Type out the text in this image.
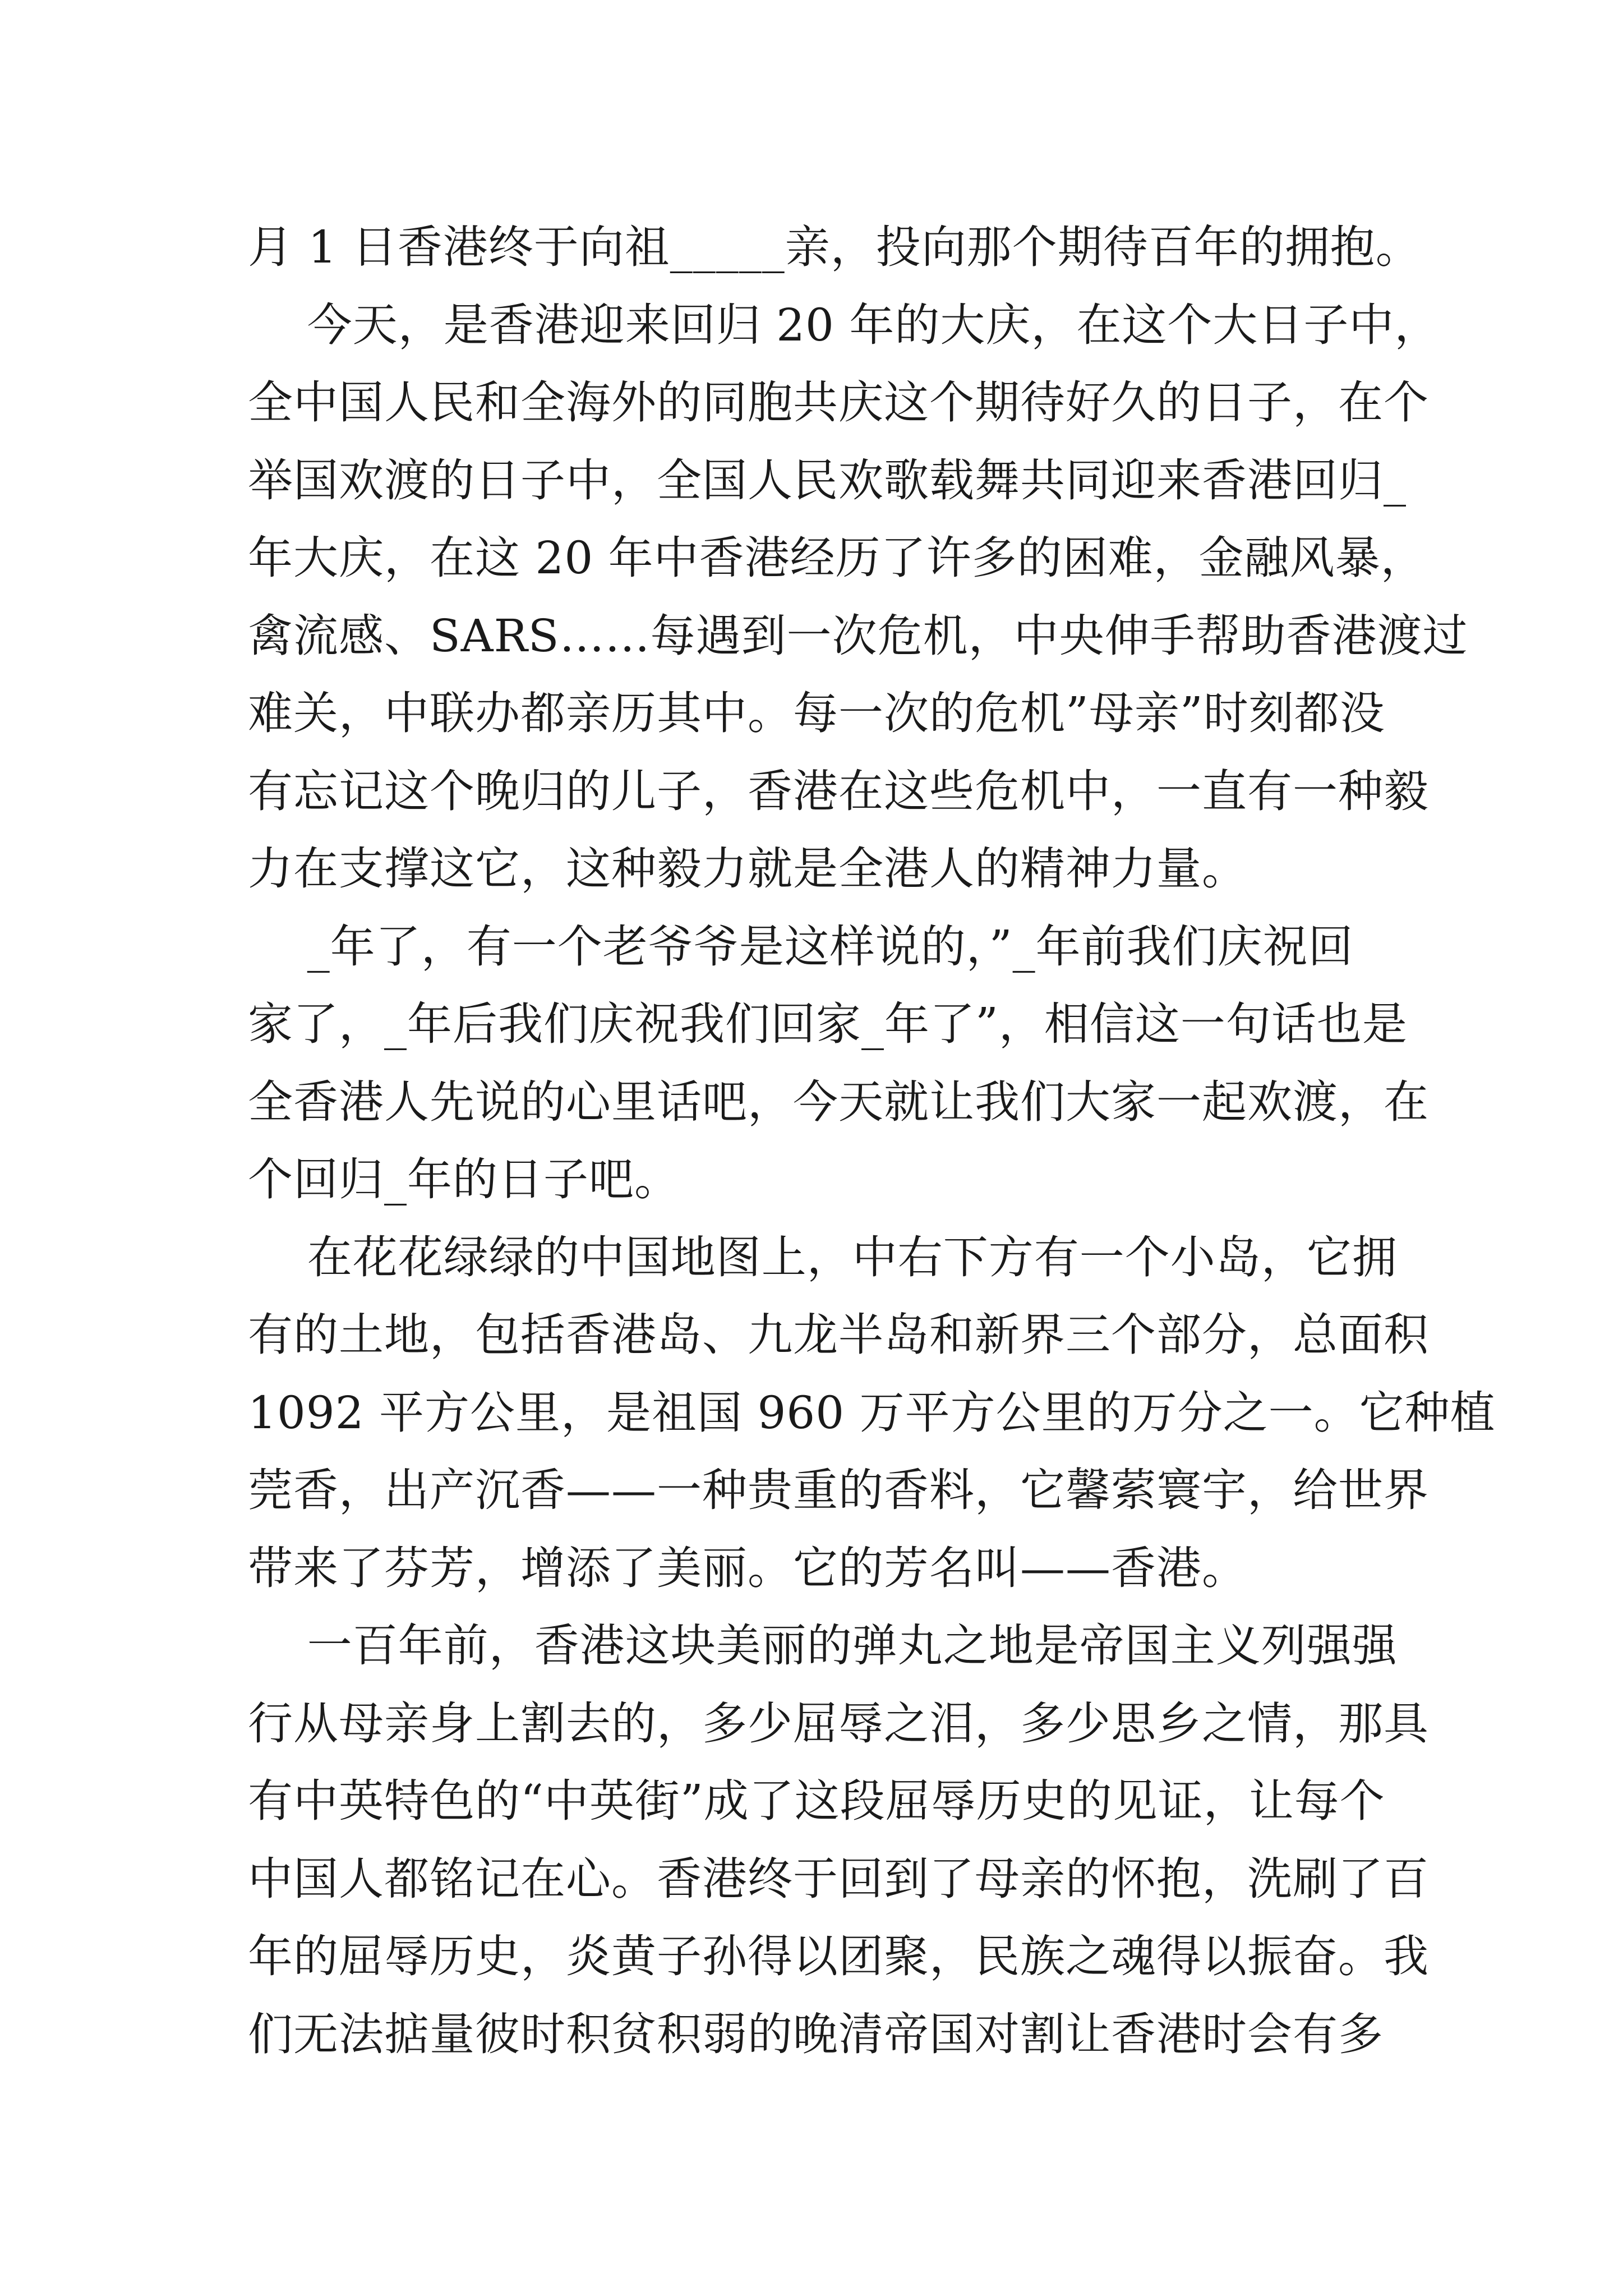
月 1 日香港终于向祖_____亲，投向那个期待百年的拥抱。
今天，是香港迎来回归 20 年的大庆，在这个大日子中，
全中国人民和全海外的同胞共庆这个期待好久的日子，在个
举国欢渡的日子中，全国人民欢歌载舞共同迎来香港回归_
年大庆，在这 20 年中香港经历了许多的困难，金融风暴，
禽流感、SARS……每遇到一次危机，中央伸手帮助香港渡过
难关，中联办都亲历其中。每一次的危机”母亲”时刻都没
有忘记这个晚归的儿子，香港在这些危机中，一直有一种毅
力在支撑这它，这种毅力就是全港人的精神力量。
_年了，有一个老爷爷是这样说的，”_年前我们庆祝回
家了，_年后我们庆祝我们回家_年了”，相信这一句话也是
全香港人先说的心里话吧，今天就让我们大家一起欢渡，在
个回归_年的日子吧。
在花花绿绿的中国地图上，中右下方有一个小岛，它拥
有的土地，包括香港岛、九龙半岛和新界三个部分，总面积
1092 平方公里，是祖国 960 万平方公里的万分之一。它种植
莞香，出产沉香——一种贵重的香料，它馨萦寰宇，给世界
带来了芬芳，增添了美丽。它的芳名叫——香港。
一百年前，香港这块美丽的弹丸之地是帝国主义列强强
行从母亲身上割去的，多少屈辱之泪，多少思乡之情，那具
有中英特色的“中英街”成了这段屈辱历史的见证，让每个
中国人都铭记在心。香港终于回到了母亲的怀抱，洗刷了百
年的屈辱历史，炎黄子孙得以团聚，民族之魂得以振奋。我
们无法掂量彼时积贫积弱的晚清帝国对割让香港时会有多
